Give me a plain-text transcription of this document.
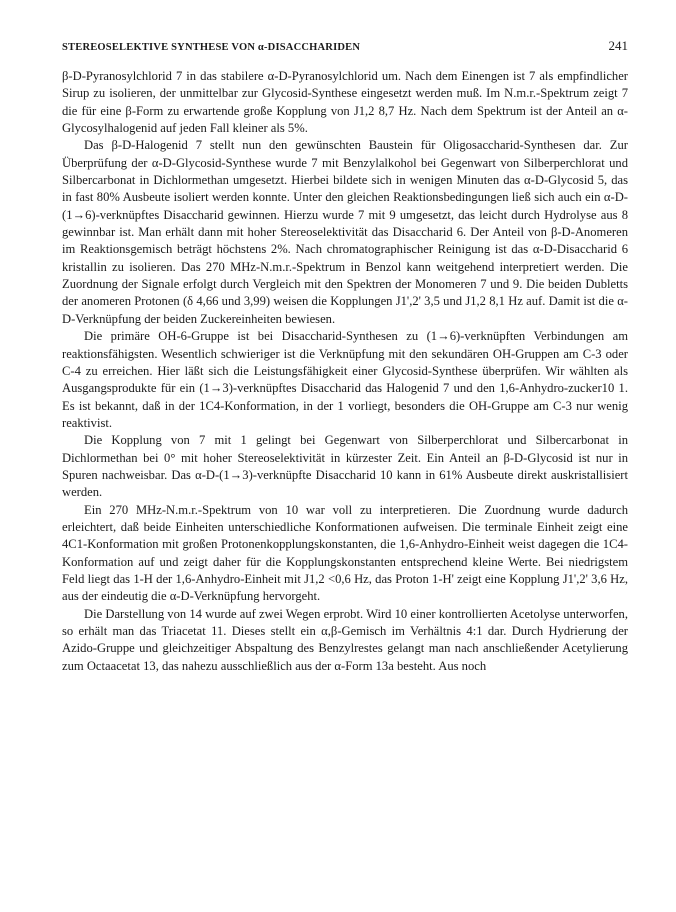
STEREOSELEKTIVE SYNTHESE VON α-DISACCHARIDEN	241

β-D-Pyranosylchlorid 7 in das stabilere α-D-Pyranosylchlorid um. Nach dem Einengen ist 7 als empfindlicher Sirup zu isolieren, der unmittelbar zur Glycosid-Synthese eingesetzt werden muß. Im N.m.r.-Spektrum zeigt 7 die für eine β-Form zu erwartende große Kopplung von J1,2 8,7 Hz. Nach dem Spektrum ist der Anteil an α-Glycosylhalogenid auf jeden Fall kleiner als 5%.

Das β-D-Halogenid 7 stellt nun den gewünschten Baustein für Oligosaccharid-Synthesen dar. Zur Überprüfung der α-D-Glycosid-Synthese wurde 7 mit Benzylalkohol bei Gegenwart von Silberperchlorat und Silbercarbonat in Dichlormethan umgesetzt. Hierbei bildete sich in wenigen Minuten das α-D-Glycosid 5, das in fast 80% Ausbeute isoliert werden konnte. Unter den gleichen Reaktionsbedingungen ließ sich auch ein α-D-(1→6)-verknüpftes Disaccharid gewinnen. Hierzu wurde 7 mit 9 umgesetzt, das leicht durch Hydrolyse aus 8 gewinnbar ist. Man erhält dann mit hoher Stereoselektivität das Disaccharid 6. Der Anteil von β-D-Anomeren im Reaktionsgemisch beträgt höchstens 2%. Nach chromatographischer Reinigung ist das α-D-Disaccharid 6 kristallin zu isolieren. Das 270 MHz-N.m.r.-Spektrum in Benzol kann weitgehend interpretiert werden. Die Zuordnung der Signale erfolgt durch Vergleich mit den Spektren der Monomeren 7 und 9. Die beiden Dubletts der anomeren Protonen (δ 4,66 und 3,99) weisen die Kopplungen J1',2' 3,5 und J1,2 8,1 Hz auf. Damit ist die α-D-Verknüpfung der beiden Zuckereinheiten bewiesen.

Die primäre OH-6-Gruppe ist bei Disaccharid-Synthesen zu (1→6)-verknüpften Verbindungen am reaktionsfähigsten. Wesentlich schwieriger ist die Verknüpfung mit den sekundären OH-Gruppen am C-3 oder C-4 zu erreichen. Hier läßt sich die Leistungsfähigkeit einer Glycosid-Synthese überprüfen. Wir wählten als Ausgangsprodukte für ein (1→3)-verknüpftes Disaccharid das Halogenid 7 und den 1,6-Anhydro-zucker10 1. Es ist bekannt, daß in der 1C4-Konformation, in der 1 vorliegt, besonders die OH-Gruppe am C-3 nur wenig reaktivist.

Die Kopplung von 7 mit 1 gelingt bei Gegenwart von Silberperchlorat und Silbercarbonat in Dichlormethan bei 0° mit hoher Stereoselektivität in kürzester Zeit. Ein Anteil an β-D-Glycosid ist nur in Spuren nachweisbar. Das α-D-(1→3)-verknüpfte Disaccharid 10 kann in 61% Ausbeute direkt auskristallisiert werden.

Ein 270 MHz-N.m.r.-Spektrum von 10 war voll zu interpretieren. Die Zuordnung wurde dadurch erleichtert, daß beide Einheiten unterschiedliche Konformationen aufweisen. Die terminale Einheit zeigt eine 4C1-Konformation mit großen Protonenkopplungskonstanten, die 1,6-Anhydro-Einheit weist dagegen die 1C4-Konformation auf und zeigt daher für die Kopplungskonstanten entsprechend kleine Werte. Bei niedrigstem Feld liegt das 1-H der 1,6-Anhydro-Einheit mit J1,2 <0,6 Hz, das Proton 1-H' zeigt eine Kopplung J1',2' 3,6 Hz, aus der eindeutig die α-D-Verknüpfung hervorgeht.

Die Darstellung von 14 wurde auf zwei Wegen erprobt. Wird 10 einer kontrollierten Acetolyse unterworfen, so erhält man das Triacetat 11. Dieses stellt ein α,β-Gemisch im Verhältnis 4:1 dar. Durch Hydrierung der Azido-Gruppe und gleichzeitiger Abspaltung des Benzylrestes gelangt man nach anschließender Acetylierung zum Octaacetat 13, das nahezu ausschließlich aus der α-Form 13a besteht. Aus noch
